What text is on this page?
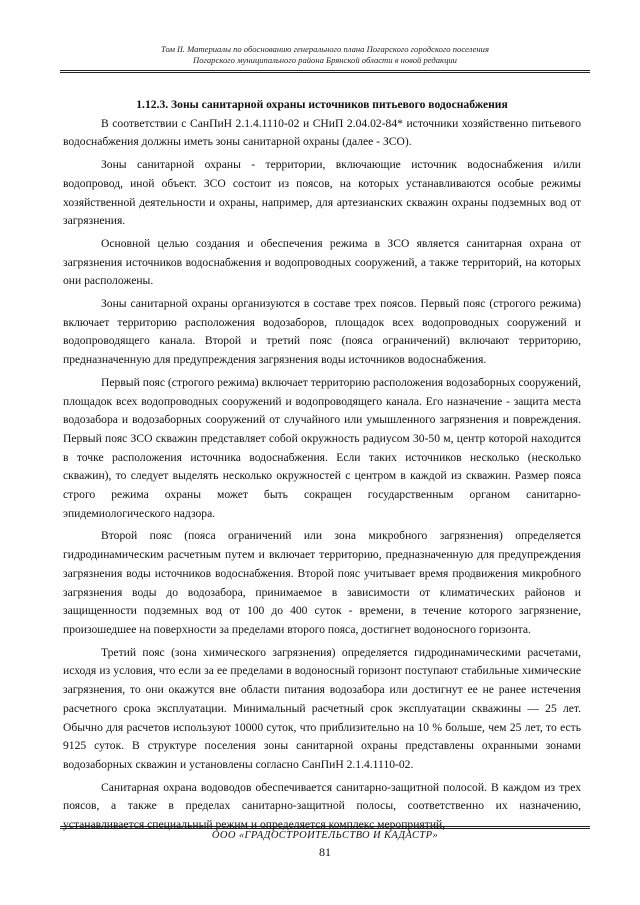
Том II. Материалы по обоснованию генерального плана Погарского городского поселения
Погарского муниципального района Брянской области в новой редакции
1.12.3. Зоны санитарной охраны источников питьевого водоснабжения

В соответствии с СанПиН 2.1.4.1110-02 и СНиП 2.04.02-84* источники хозяйственно питьевого водоснабжения должны иметь зоны санитарной охраны (далее - ЗСО).

Зоны санитарной охраны - территории, включающие источник водоснабжения и/или водопровод, иной объект. ЗСО состоит из поясов, на которых устанавливаются особые режимы хозяйственной деятельности и охраны, например, для артезианских скважин охраны подземных вод от загрязнения.

Основной целью создания и обеспечения режима в ЗСО является санитарная охрана от загрязнения источников водоснабжения и водопроводных сооружений, а также территорий, на которых они расположены.

Зоны санитарной охраны организуются в составе трех поясов. Первый пояс (строгого режима) включает территорию расположения водозаборов, площадок всех водопроводных сооружений и водопроводящего канала. Второй и третий пояс (пояса ограничений) включают территорию, предназначенную для предупреждения загрязнения воды источников водоснабжения.

Первый пояс (строгого режима) включает территорию расположения водозаборных сооружений, площадок всех водопроводных сооружений и водопроводящего канала. Его назначение - защита места водозабора и водозаборных сооружений от случайного или умышленного загрязнения и повреждения. Первый пояс ЗСО скважин представляет собой окружность радиусом 30-50 м, центр которой находится в точке расположения источника водоснабжения. Если таких источников несколько (несколько скважин), то следует выделять несколько окружностей с центром в каждой из скважин. Размер пояса строго режима охраны может быть сокращен государственным органом санитарно-эпидемиологического надзора.

Второй пояс (пояса ограничений или зона микробного загрязнения) определяется гидродинамическим расчетным путем и включает территорию, предназначенную для предупреждения загрязнения воды источников водоснабжения. Второй пояс учитывает время продвижения микробного загрязнения воды до водозабора, принимаемое в зависимости от климатических районов и защищенности подземных вод от 100 до 400 суток - времени, в течение которого загрязнение, произошедшее на поверхности за пределами второго пояса, достигнет водоносного горизонта.

Третий пояс (зона химического загрязнения) определяется гидродинамическими расчетами, исходя из условия, что если за ее пределами в водоносный горизонт поступают стабильные химические загрязнения, то они окажутся вне области питания водозабора или достигнут ее не ранее истечения расчетного срока эксплуатации. Минимальный расчетный срок эксплуатации скважины — 25 лет. Обычно для расчетов используют 10000 суток, что приблизительно на 10 % больше, чем 25 лет, то есть 9125 суток. В структуре поселения зоны санитарной охраны представлены охранными зонами водозаборных скважин и установлены согласно СанПиН 2.1.4.1110-02.

Санитарная охрана водоводов обеспечивается санитарно-защитной полосой. В каждом из трех поясов, а также в пределах санитарно-защитной полосы, соответственно их назначению, устанавливается специальный режим и определяется комплекс мероприятий,

ООО «ГРАДОСТРОИТЕЛЬСТВО И КАДАСТР»
81
